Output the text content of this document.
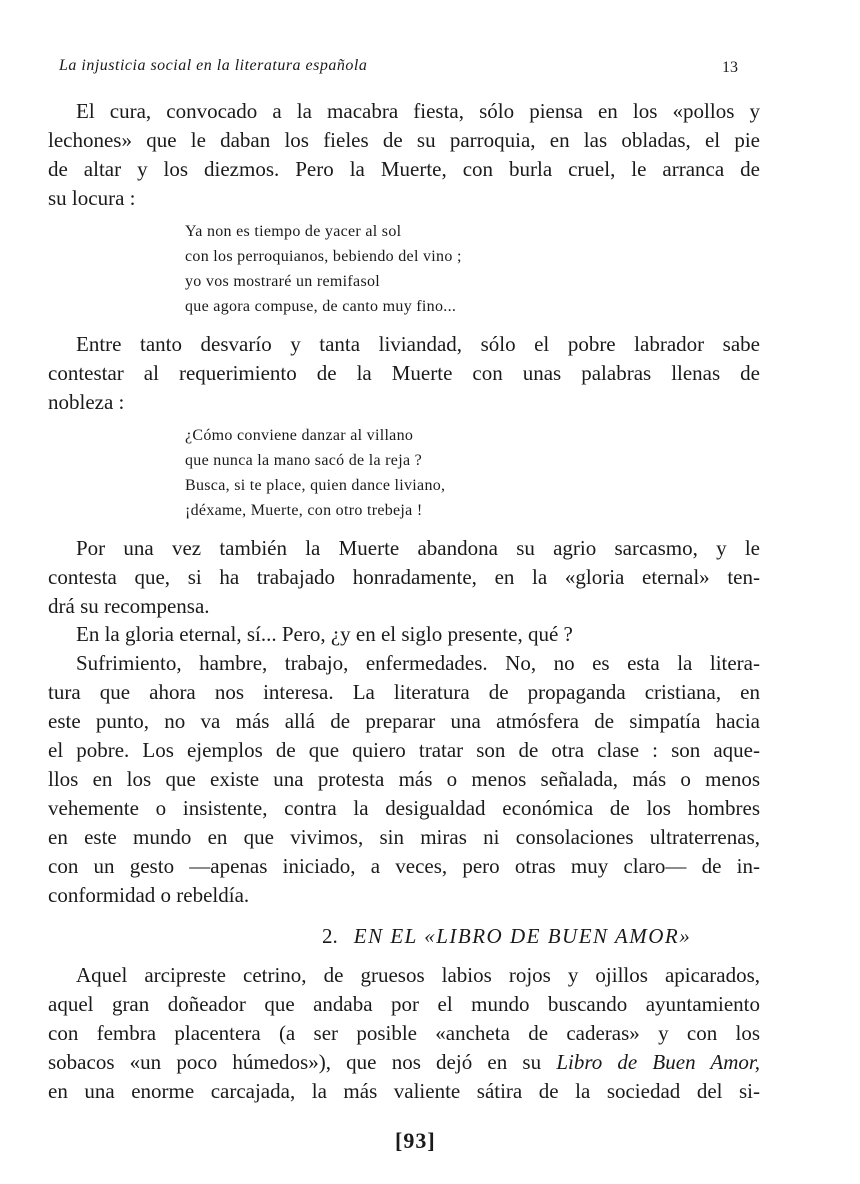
La injusticia social en la literatura española	13
El cura, convocado a la macabra fiesta, sólo piensa en los «pollos y
lechones» que le daban los fieles de su parroquia, en las obladas, el pie
de altar y los diezmos. Pero la Muerte, con burla cruel, le arranca de
su locura :
Ya non es tiempo de yacer al sol
con los perroquianos, bebiendo del vino ;
yo vos mostraré un remifasol
que agora compuse, de canto muy fino...
Entre tanto desvarío y tanta liviandad, sólo el pobre labrador sabe
contestar al requerimiento de la Muerte con unas palabras llenas de
nobleza :
¿Cómo conviene danzar al villano
que nunca la mano sacó de la reja ?
Busca, si te place, quien dance liviano,
¡déxame, Muerte, con otro trebeja !
Por una vez también la Muerte abandona su agrio sarcasmo, y le
contesta que, si ha trabajado honradamente, en la «gloria eternal» ten-
drá su recompensa.
En la gloria eternal, sí... Pero, ¿y en el siglo presente, qué ?
Sufrimiento, hambre, trabajo, enfermedades. No, no es esta la litera-
tura que ahora nos interesa. La literatura de propaganda cristiana, en
este punto, no va más allá de preparar una atmósfera de simpatía hacia
el pobre. Los ejemplos de que quiero tratar son de otra clase : son aque-
llos en los que existe una protesta más o menos señalada, más o menos
vehemente o insistente, contra la desigualdad económica de los hombres
en este mundo en que vivimos, sin miras ni consolaciones ultraterrenas,
con un gesto —apenas iniciado, a veces, pero otras muy claro— de in-
conformidad o rebeldía.
2. EN EL «LIBRO DE BUEN AMOR»
Aquel arcipreste cetrino, de gruesos labios rojos y ojillos apicarados,
aquel gran doñeador que andaba por el mundo buscando ayuntamiento
con fembra placentera (a ser posible «ancheta de caderas» y con los
sobacos «un poco húmedos»), que nos dejó en su Libro de Buen Amor,
en una enorme carcajada, la más valiente sátira de la sociedad del si-
[93]
